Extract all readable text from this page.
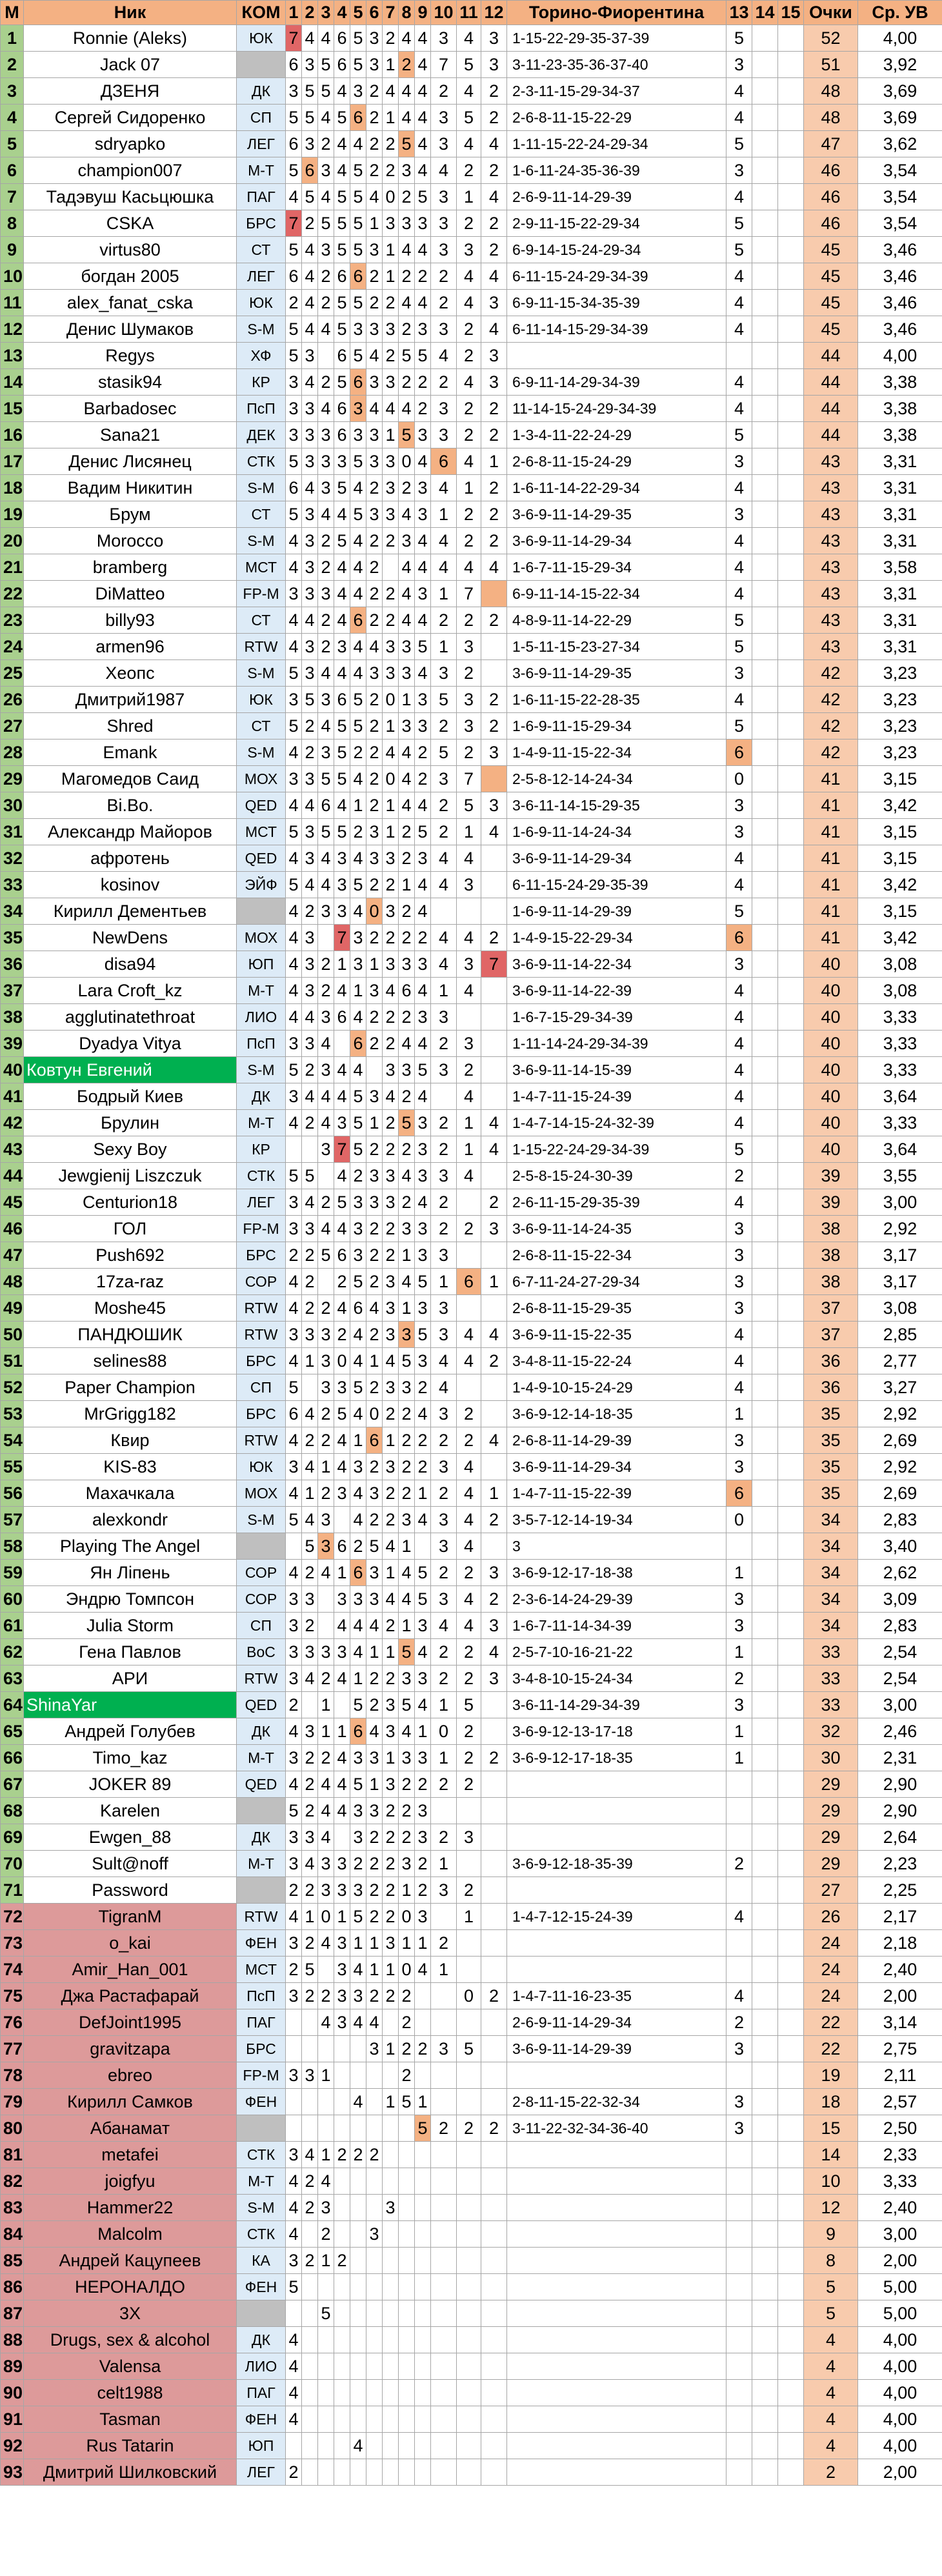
М	Ник	КОМ	1	2	3	4	5	6	7	8	9	10	11	12	Торино-Фиорентина	13	14	15	Очки	Ср. УВ
1	Ronnie (Aleks)	ЮК	7	4	4	6	5	3	2	4	4	3	4	3	1-15-22-29-35-37-39	5			52	4,00
2	Jack 07		6	3	5	6	5	3	1	2	4	7	5	3	3-11-23-35-36-37-40	3			51	3,92
3	ДЗЕНЯ	ДК	3	5	5	4	3	2	4	4	4	2	4	2	2-3-11-15-29-34-37	4			48	3,69
4	Сергей Сидоренко	СП	5	5	4	5	6	2	1	4	4	3	5	2	2-6-8-11-15-22-29	4			48	3,69
5	sdryapko	ЛЕГ	6	3	2	4	4	2	2	5	4	3	4	4	1-11-15-22-24-29-34	5			47	3,62
6	champion007	М-Т	5	6	3	4	5	2	2	3	4	4	2	2	1-6-11-24-35-36-39	3			46	3,54
7	Тадэвуш Касьцюшка	ПАГ	4	5	4	5	5	4	0	2	5	3	1	4	2-6-9-11-14-29-39	4			46	3,54
8	CSKA	БРС	7	2	5	5	5	1	3	3	3	3	2	2	2-9-11-15-22-29-34	5			46	3,54
9	virtus80	СТ	5	4	3	5	5	3	1	4	4	3	3	2	6-9-14-15-24-29-34	5			45	3,46
10	богдан 2005	ЛЕГ	6	4	2	6	6	2	1	2	2	2	4	4	6-11-15-24-29-34-39	4			45	3,46
11	alex_fanat_cska	ЮК	2	4	2	5	5	2	2	4	4	2	4	3	6-9-11-15-34-35-39	4			45	3,46
12	Денис Шумаков	S-M	5	4	4	5	3	3	3	2	3	3	2	4	6-11-14-15-29-34-39	4			45	3,46
13	Regys	ХФ	5	3		6	5	4	2	5	5	4	2	3					44	4,00
14	stasik94	КР	3	4	2	5	6	3	3	2	2	2	4	3	6-9-11-14-29-34-39	4			44	3,38
15	Barbadosec	ПсП	3	3	4	6	3	4	4	4	2	3	2	2	11-14-15-24-29-34-39	4			44	3,38
16	Sana21	ДЕК	3	3	3	6	3	3	1	5	3	3	2	2	1-3-4-11-22-24-29	5			44	3,38
17	Денис Лисянец	СТК	5	3	3	3	5	3	3	0	4	6	4	1	2-6-8-11-15-24-29	3			43	3,31
18	Вадим Никитин	S-M	6	4	3	5	4	2	3	2	3	4	1	2	1-6-11-14-22-29-34	4			43	3,31
19	Брум	СТ	5	3	4	4	5	3	3	4	3	1	2	2	3-6-9-11-14-29-35	3			43	3,31
20	Morocco	S-M	4	3	2	5	4	2	2	3	4	4	2	2	3-6-9-11-14-29-34	4			43	3,31
21	bramberg	МСТ	4	3	2	4	4	2		4	4	4	4	4	1-6-7-11-15-29-34	4			43	3,58
22	DiMatteo	FP-M	3	3	3	4	4	2	2	4	3	1	7		6-9-11-14-15-22-34	4			43	3,31
23	billy93	СТ	4	4	2	4	6	2	2	4	4	2	2	2	4-8-9-11-14-22-29	5			43	3,31
24	armen96	RTW	4	3	2	3	4	4	3	3	5	1	3		1-5-11-15-23-27-34	5			43	3,31
25	Хеопс	S-M	5	3	4	4	4	3	3	3	4	3	2		3-6-9-11-14-29-35	3			42	3,23
26	Дмитрий1987	ЮК	3	5	3	6	5	2	0	1	3	5	3	2	1-6-11-15-22-28-35	4			42	3,23
27	Shred	СТ	5	2	4	5	5	2	1	3	3	2	3	2	1-6-9-11-15-29-34	5			42	3,23
28	Emank	S-M	4	2	3	5	2	2	4	4	2	5	2	3	1-4-9-11-15-22-34	6			42	3,23
29	Магомедов Саид	МОХ	3	3	5	5	4	2	0	4	2	3	7		2-5-8-12-14-24-34	0			41	3,15
30	Bi.Bo.	QED	4	4	6	4	1	2	1	4	4	2	5	3	3-6-11-14-15-29-35	3			41	3,42
31	Александр Майоров	МСТ	5	3	5	5	2	3	1	2	5	2	1	4	1-6-9-11-14-24-34	3			41	3,15
32	афротень	QED	4	3	4	3	4	3	3	2	3	4	4		3-6-9-11-14-29-34	4			41	3,15
33	kosinov	ЭЙФ	5	4	4	3	5	2	2	1	4	4	3		6-11-15-24-29-35-39	4			41	3,42
34	Кирилл Дементьев		4	2	3	3	4	0	3	2	4				1-6-9-11-14-29-39	5			41	3,15
35	NewDens	МОХ	4	3		7	3	2	2	2	2	4	4	2	1-4-9-15-22-29-34	6			41	3,42
36	disa94	ЮП	4	3	2	1	3	1	3	3	3	4	3	7	3-6-9-11-14-22-34	3			40	3,08
37	Lara Croft_kz	М-Т	4	3	2	4	1	3	4	6	4	1	4		3-6-9-11-14-22-39	4			40	3,08
38	agglutinatethroat	ЛИО	4	4	3	6	4	2	2	2	3	3			1-6-7-15-29-34-39	4			40	3,33
39	Dyadya Vitya	ПсП	3	3	4		6	2	2	4	4	2	3		1-11-14-24-29-34-39	4			40	3,33
40	Ковтун Евгений	S-M	5	2	3	4	4		3	3	5	3	2		3-6-9-11-14-15-39	4			40	3,33
41	Бодрый Киев	ДК	3	4	4	4	5	3	4	2	4		4		1-4-7-11-15-24-39	4			40	3,64
42	Брулин	М-Т	4	2	4	3	5	1	2	5	3	2	1	4	1-4-7-14-15-24-32-39	4			40	3,33
43	Sexy Boy	КР			3	7	5	2	2	2	3	2	1	4	1-15-22-24-29-34-39	5			40	3,64
44	Jewgienij Liszczuk	СТК	5	5		4	2	3	3	4	3	3	4		2-5-8-15-24-30-39	2			39	3,55
45	Centurion18	ЛЕГ	3	4	2	5	3	3	3	2	4	2		2	2-6-11-15-29-35-39	4			39	3,00
46	ГОЛ	FP-M	3	3	4	4	3	2	2	3	3	2	2	3	3-6-9-11-14-24-35	3			38	2,92
47	Push692	БРС	2	2	5	6	3	2	2	1	3	3			2-6-8-11-15-22-34	3			38	3,17
48	17za-raz	СОР	4	2		2	5	2	3	4	5	1	6	1	6-7-11-24-27-29-34	3			38	3,17
49	Moshe45	RTW	4	2	2	4	6	4	3	1	3	3			2-6-8-11-15-29-35	3			37	3,08
50	ПАНДЮШИК	RTW	3	3	3	2	4	2	3	3	5	3	4	4	3-6-9-11-15-22-35	4			37	2,85
51	selines88	БРС	4	1	3	0	4	1	4	5	3	4	4	2	3-4-8-11-15-22-24	4			36	2,77
52	Paper Champion	СП	5		3	3	5	2	3	3	2	4			1-4-9-10-15-24-29	4			36	3,27
53	MrGrigg182	БРС	6	4	2	5	4	0	2	2	4	3	2		3-6-9-12-14-18-35	1			35	2,92
54	Квир	RTW	4	2	2	4	1	6	1	2	2	2	2	4	2-6-8-11-14-29-39	3			35	2,69
55	KIS-83	ЮК	3	4	1	4	3	2	3	2	2	3	4		3-6-9-11-14-29-34	3			35	2,92
56	Махачкала	МОХ	4	1	2	3	4	3	2	2	1	2	4	1	1-4-7-11-15-22-39	6			35	2,69
57	alexkondr	S-M	5	4	3		4	2	2	3	4	3	4	2	3-5-7-12-14-19-34	0			34	2,83
58	Playing The Angel			5	3	6	2	5	4	1		3	4		3				34	3,40
59	Ян Ліпень	СОР	4	2	4	1	6	3	1	4	5	2	2	3	3-6-9-12-17-18-38	1			34	2,62
60	Эндрю Томпсон	СОР	3	3		3	3	3	4	4	5	3	4	2	2-3-6-14-24-29-39	3			34	3,09
61	Julia Storm	СП	3	2		4	4	4	2	1	3	4	4	3	1-6-7-11-14-34-39	3			34	2,83
62	Гена Павлов	ВоС	3	3	3	3	4	1	1	5	4	2	2	4	2-5-7-10-16-21-22	1			33	2,54
63	АРИ	RTW	3	4	2	4	1	2	2	3	3	2	2	3	3-4-8-10-15-24-34	2			33	2,54
64	ShinaYar	QED	2		1		5	2	3	5	4	1	5		3-6-11-14-29-34-39	3			33	3,00
65	Андрей Голубев	ДК	4	3	1	1	6	4	3	4	1	0	2		3-6-9-12-13-17-18	1			32	2,46
66	Timo_kaz	М-Т	3	2	2	4	3	3	1	3	3	1	2	2	3-6-9-12-17-18-35	1			30	2,31
67	JOKER 89	QED	4	2	4	4	5	1	3	2	2	2	2						29	2,90
68	Karelen		5	2	4	4	3	3	2	2	3								29	2,90
69	Ewgen_88	ДК	3	3	4		3	2	2	2	3	2	3						29	2,64
70	Sult@noff	М-Т	3	4	3	3	2	2	2	3	2	1			3-6-9-12-18-35-39	2			29	2,23
71	Password		2	2	3	3	3	2	2	1	2	3	2						27	2,25
72	TigranM	RTW	4	1	0	1	5	2	2	0	3		1		1-4-7-12-15-24-39	4			26	2,17
73	o_kai	ФЕН	3	2	4	3	1	1	3	1	1	2							24	2,18
74	Amir_Han_001	МСТ	2	5		3	4	1	1	0	4	1							24	2,40
75	Джа Растафарай	ПсП	3	2	2	3	3	2	2	2			0	2	1-4-7-11-16-23-35	4			24	2,00
76	DefJoint1995	ПАГ			4	3	4	4		2					2-6-9-11-14-29-34	2			22	3,14
77	gravitzapa	БРС						3	1	2	2	3	5		3-6-9-11-14-29-39	3			22	2,75
78	ebreo	FP-M	3	3	1					2									19	2,11
79	Кирилл Самков	ФЕН					4		1	5	1				2-8-11-15-22-32-34	3			18	2,57
80	Абанамат										5	2	2	2	3-11-22-32-34-36-40	3			15	2,50
81	metafei	СТК	3	4	1	2	2	2											14	2,33
82	joigfyu	М-Т	4	2	4														10	3,33
83	Hammer22	S-M	4	2	3				3										12	2,40
84	Malcolm	СТК	4		2			3											9	3,00
85	Андрей Кацупеев	КА	3	2	1	2													8	2,00
86	НЕРОНАЛДО	ФЕН	5																5	5,00
87	3X				5														5	5,00
88	Drugs, sex & alcohol	ДК	4																4	4,00
89	Valensa	ЛИО	4																4	4,00
90	celt1988	ПАГ	4																4	4,00
91	Tasman	ФЕН	4																4	4,00
92	Rus Tatarin	ЮП					4												4	4,00
93	Дмитрий Шилковский	ЛЕГ	2																2	2,00
